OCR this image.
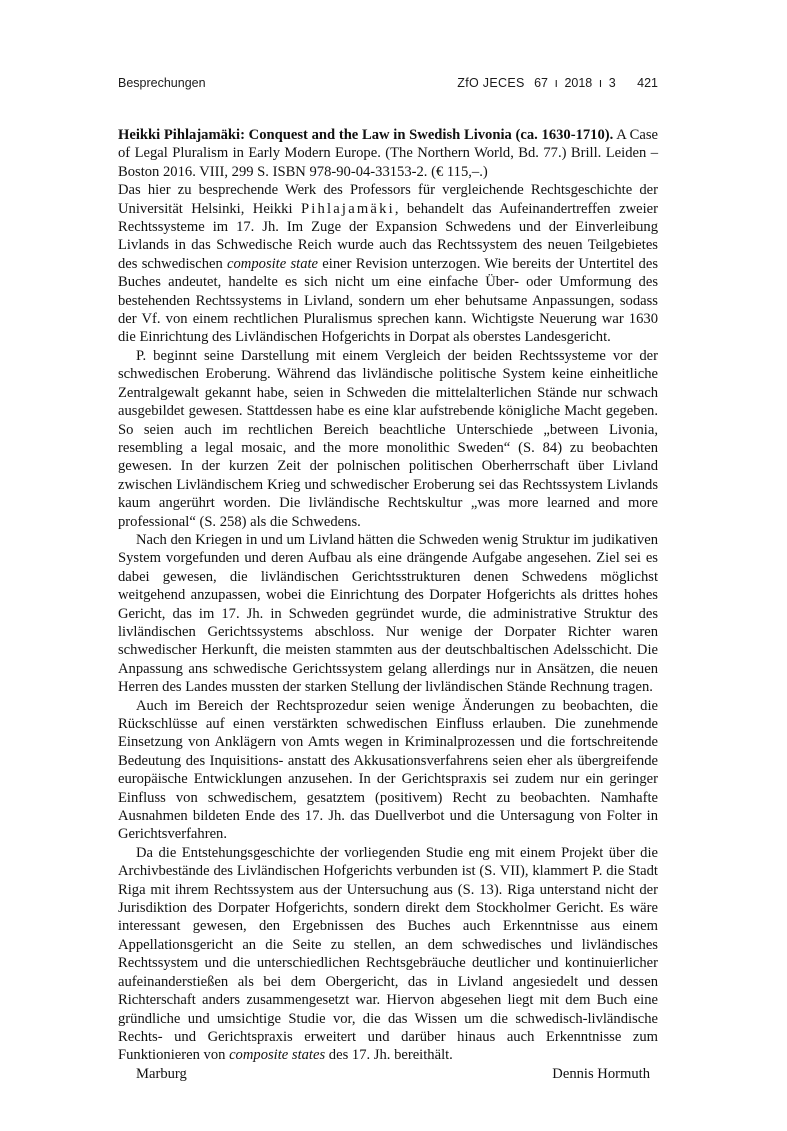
Besprechungen	ZfO JECES 67 ı 2018 ı 3 421

Heikki Pihlajamäki: Conquest and the Law in Swedish Livonia (ca. 1630-1710). A Case of Legal Pluralism in Early Modern Europe. (The Northern World, Bd. 77.) Brill. Leiden – Boston 2016. VIII, 299 S. ISBN 978-90-04-33153-2. (€ 115,–.)

Das hier zu besprechende Werk des Professors für vergleichende Rechtsgeschichte der Universität Helsinki, Heikki Pihlajamäki, behandelt das Aufeinandertreffen zweier Rechtssysteme im 17. Jh. Im Zuge der Expansion Schwedens und der Einverleibung Livlands in das Schwedische Reich wurde auch das Rechtssystem des neuen Teilgebietes des schwedischen composite state einer Revision unterzogen. Wie bereits der Untertitel des Buches andeutet, handelte es sich nicht um eine einfache Über- oder Umformung des bestehenden Rechtssystems in Livland, sondern um eher behutsame Anpassungen, sodass der Vf. von einem rechtlichen Pluralismus sprechen kann. Wichtigste Neuerung war 1630 die Einrichtung des Livländischen Hofgerichts in Dorpat als oberstes Landesgericht.

P. beginnt seine Darstellung mit einem Vergleich der beiden Rechtssysteme vor der schwedischen Eroberung. Während das livländische politische System keine einheitliche Zentralgewalt gekannt habe, seien in Schweden die mittelalterlichen Stände nur schwach ausgebildet gewesen. Stattdessen habe es eine klar aufstrebende königliche Macht gegeben. So seien auch im rechtlichen Bereich beachtliche Unterschiede „between Livonia, resembling a legal mosaic, and the more monolithic Sweden“ (S. 84) zu beobachten gewesen. In der kurzen Zeit der polnischen politischen Oberherrschaft über Livland zwischen Livländischem Krieg und schwedischer Eroberung sei das Rechtssystem Livlands kaum angerührt worden. Die livländische Rechtskultur „was more learned and more professional“ (S. 258) als die Schwedens.

Nach den Kriegen in und um Livland hätten die Schweden wenig Struktur im judikativen System vorgefunden und deren Aufbau als eine drängende Aufgabe angesehen. Ziel sei es dabei gewesen, die livländischen Gerichtsstrukturen denen Schwedens möglichst weitgehend anzupassen, wobei die Einrichtung des Dorpater Hofgerichts als drittes hohes Gericht, das im 17. Jh. in Schweden gegründet wurde, die administrative Struktur des livländischen Gerichtssystems abschloss. Nur wenige der Dorpater Richter waren schwedischer Herkunft, die meisten stammten aus der deutschbaltischen Adelsschicht. Die Anpassung ans schwedische Gerichtssystem gelang allerdings nur in Ansätzen, die neuen Herren des Landes mussten der starken Stellung der livländischen Stände Rechnung tragen.

Auch im Bereich der Rechtsprozedur seien wenige Änderungen zu beobachten, die Rückschlüsse auf einen verstärkten schwedischen Einfluss erlauben. Die zunehmende Einsetzung von Anklägern von Amts wegen in Kriminalprozessen und die fortschreitende Bedeutung des Inquisitions- anstatt des Akkusationsverfahrens seien eher als übergreifende europäische Entwicklungen anzusehen. In der Gerichtspraxis sei zudem nur ein geringer Einfluss von schwedischem, gesatztem (positivem) Recht zu beobachten. Namhafte Ausnahmen bildeten Ende des 17. Jh. das Duellverbot und die Untersagung von Folter in Gerichtsverfahren.

Da die Entstehungsgeschichte der vorliegenden Studie eng mit einem Projekt über die Archivbestände des Livländischen Hofgerichts verbunden ist (S. VII), klammert P. die Stadt Riga mit ihrem Rechtssystem aus der Untersuchung aus (S. 13). Riga unterstand nicht der Jurisdiktion des Dorpater Hofgerichts, sondern direkt dem Stockholmer Gericht. Es wäre interessant gewesen, den Ergebnissen des Buches auch Erkenntnisse aus einem Appellationsgericht an die Seite zu stellen, an dem schwedisches und livländisches Rechtssystem und die unterschiedlichen Rechtsgebräuche deutlicher und kontinuierlicher aufeinanderstießen als bei dem Obergericht, das in Livland angesiedelt und dessen Richterschaft anders zusammengesetzt war. Hiervon abgesehen liegt mit dem Buch eine gründliche und umsichtige Studie vor, die das Wissen um die schwedisch-livländische Rechts- und Gerichtspraxis erweitert und darüber hinaus auch Erkenntnisse zum Funktionieren von composite states des 17. Jh. bereithält.

Marburg	Dennis Hormuth
